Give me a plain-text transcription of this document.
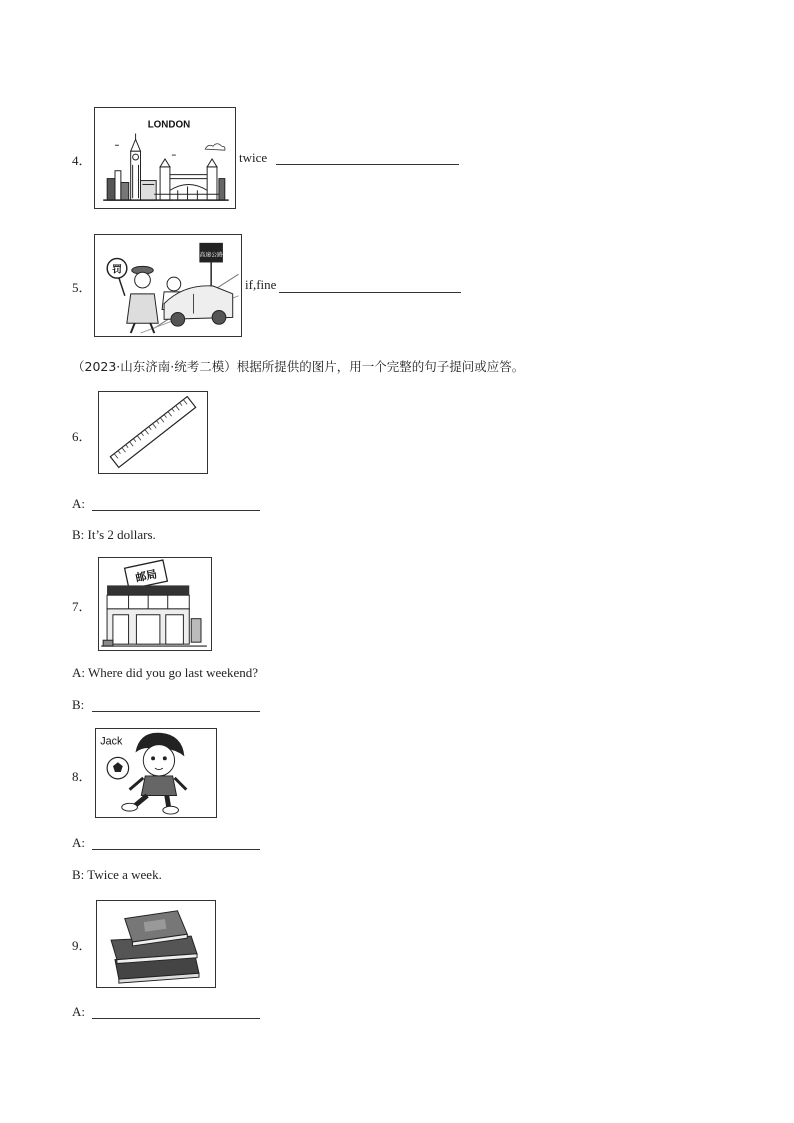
4．
LONDON
twice
5．
高速公路
罚
if,fine
（2023·山东济南·统考二模）根据所提供的图片，用一个完整的句子提问或应答。
6．
A:
B: It’s 2 dollars.
7．
邮局
A: Where did you go last weekend?
B:
8．
Jack
A:
B: Twice a week.
9．
A:
